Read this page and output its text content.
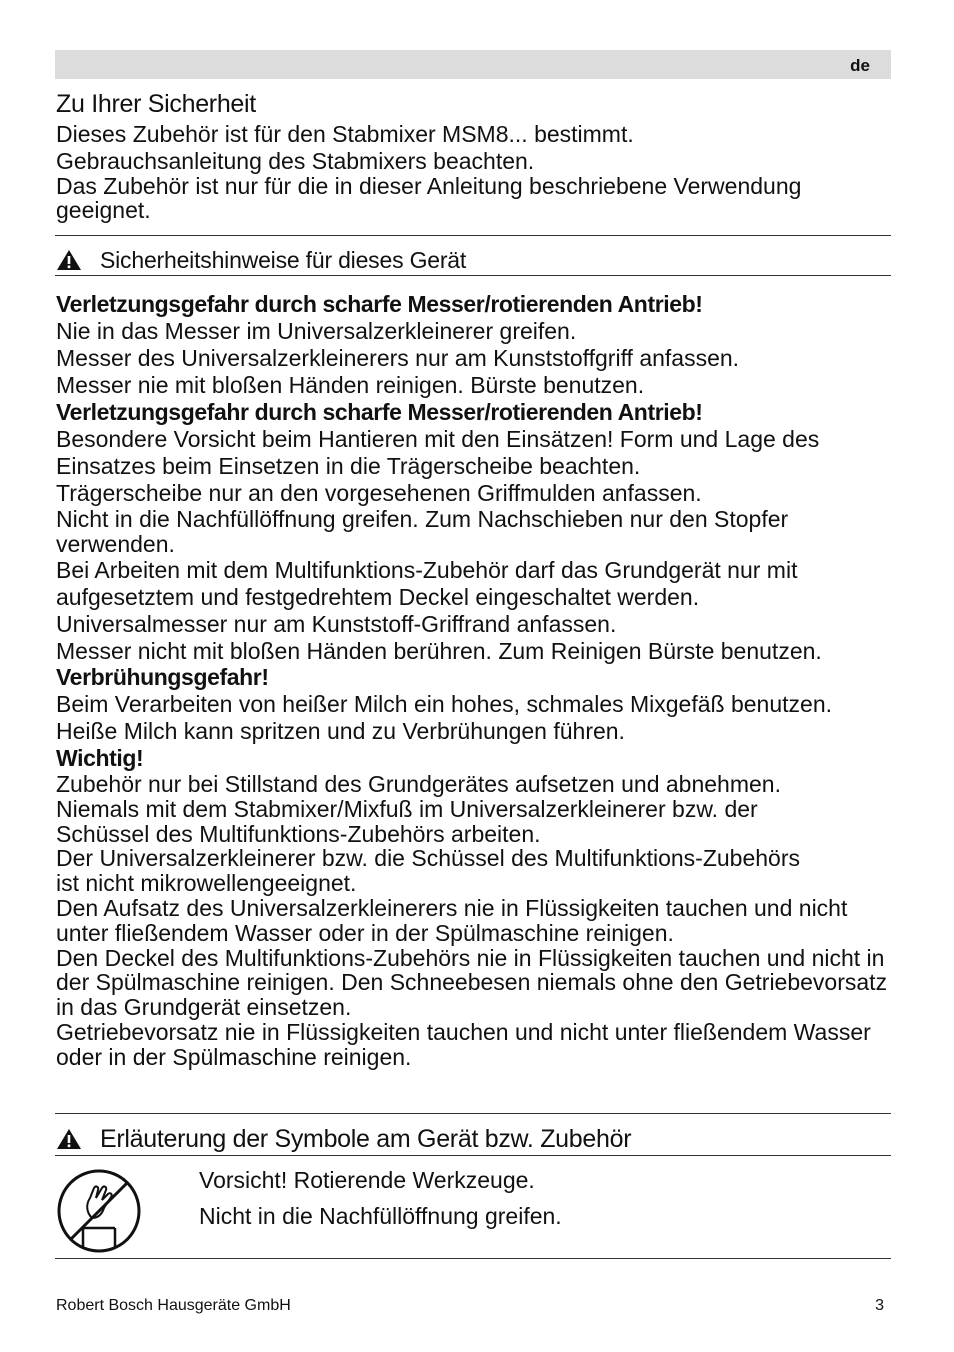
de
Zu Ihrer Sicherheit

Dieses Zubehör ist für den Stabmixer MSM8... bestimmt.

Gebrauchsanleitung des Stabmixers beachten.

Das Zubehör ist nur für die in dieser Anleitung beschriebene Verwendung geeignet.

Sicherheitshinweise für dieses Gerät

Verletzungsgefahr durch scharfe Messer/rotierenden Antrieb!

Nie in das Messer im Universalzerkleinerer greifen.

Messer des Universalzerkleinerers nur am Kunststoffgriff anfassen.

Messer nie mit bloßen Händen reinigen. Bürste benutzen.

Verletzungsgefahr durch scharfe Messer/rotierenden Antrieb!

Besondere Vorsicht beim Hantieren mit den Einsätzen! Form und Lage des Einsatzes beim Einsetzen in die Trägerscheibe beachten.

Trägerscheibe nur an den vorgesehenen Griffmulden anfassen.

Nicht in die Nachfüllöffnung greifen. Zum Nachschieben nur den Stopfer verwenden.

Bei Arbeiten mit dem Multifunktions-Zubehör darf das Grundgerät nur mit aufgesetztem und festgedrehtem Deckel eingeschaltet werden.

Universalmesser nur am Kunststoff-Griffrand anfassen.

Messer nicht mit bloßen Händen berühren. Zum Reinigen Bürste benutzen.

Verbrühungsgefahr!

Beim Verarbeiten von heißer Milch ein hohes, schmales Mixgefäß benutzen. Heiße Milch kann spritzen und zu Verbrühungen führen.

Wichtig!

Zubehör nur bei Stillstand des Grundgerätes aufsetzen und abnehmen.

Niemals mit dem Stabmixer/Mixfuß im Universalzerkleinerer bzw. der Schüssel des Multifunktions-Zubehörs arbeiten.

Der Universalzerkleinerer bzw. die Schüssel des Multifunktions-Zubehörs ist nicht mikrowellengeeignet.

Den Aufsatz des Universalzerkleinerers nie in Flüssigkeiten tauchen und nicht unter fließendem Wasser oder in der Spülmaschine reinigen.

Den Deckel des Multifunktions-Zubehörs nie in Flüssigkeiten tauchen und nicht in der Spülmaschine reinigen. Den Schneebesen niemals ohne den Getriebevorsatz in das Grundgerät einsetzen.

Getriebevorsatz nie in Flüssigkeiten tauchen und nicht unter fließendem Wasser oder in der Spülmaschine reinigen.

Erläuterung der Symbole am Gerät bzw. Zubehör
Vorsicht! Rotierende Werkzeuge.
Nicht in die Nachfüllöffnung greifen.
Robert Bosch Hausgeräte GmbH	3
